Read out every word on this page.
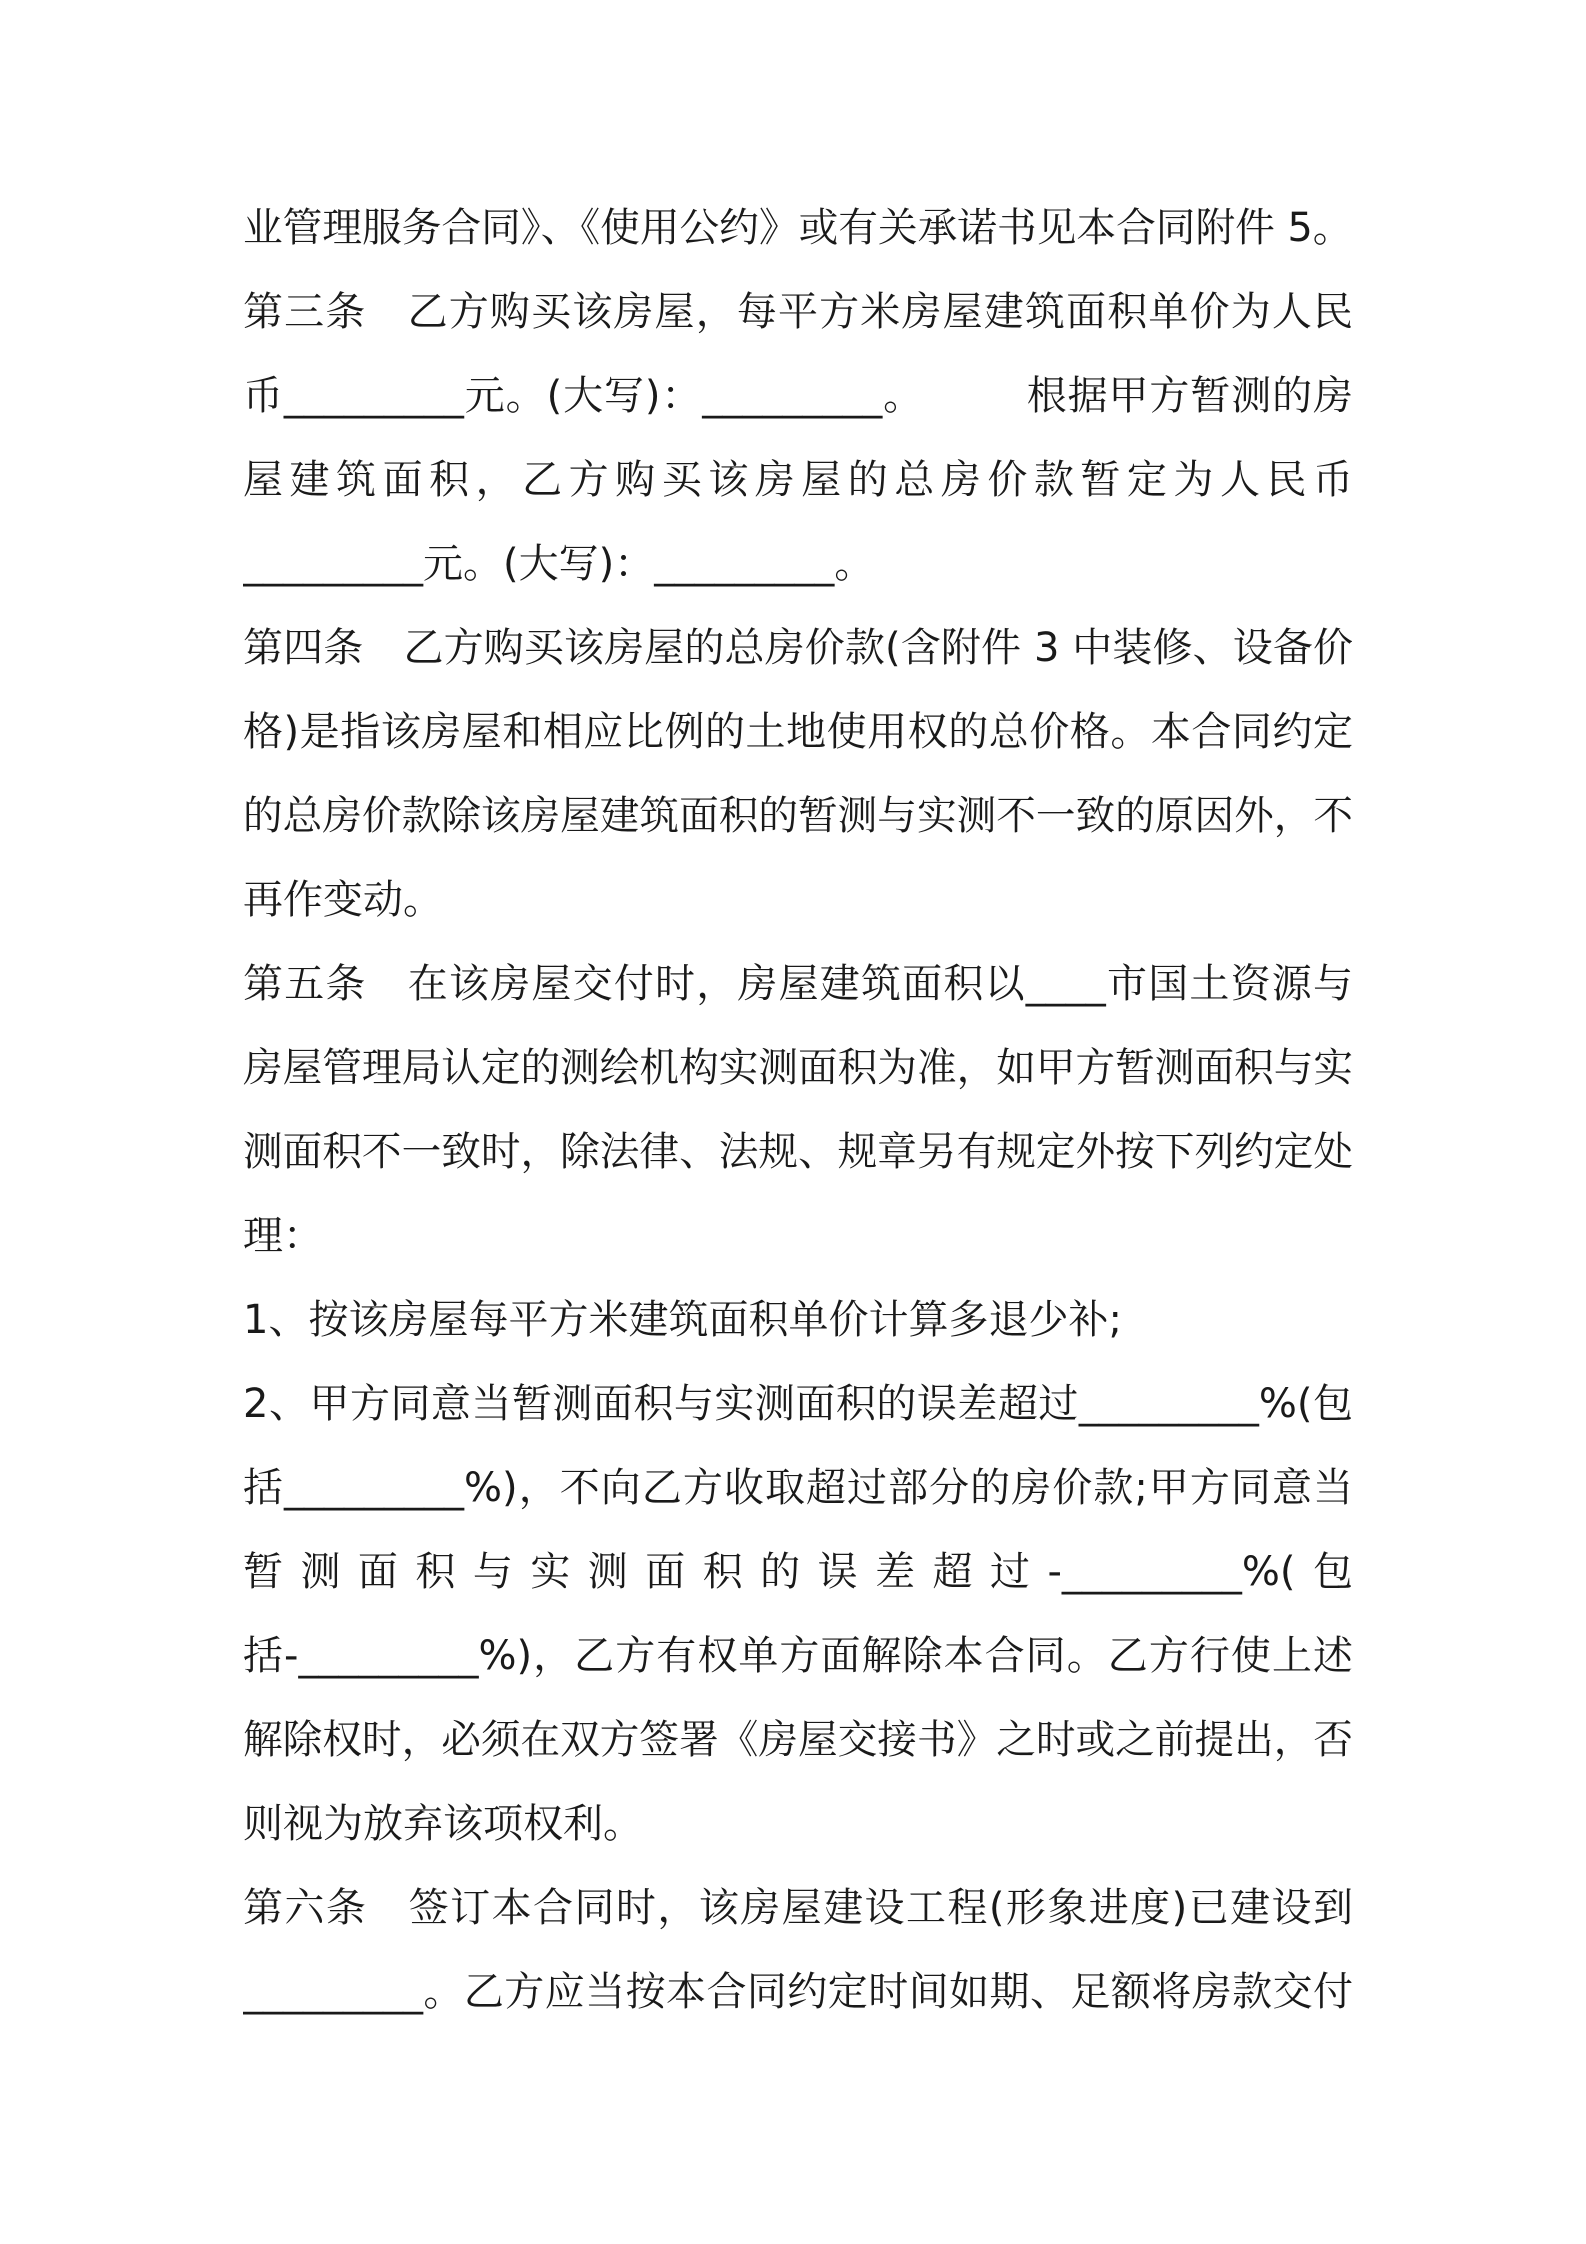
业管理服务合同》、《使用公约》或有关承诺书见本合同附件 5。
第三条　乙方购买该房屋，每平方米房屋建筑面积单价为人民
币_________元。(大写)：_________。　　　根据甲方暂测的房
屋建筑面积，乙方购买该房屋的总房价款暂定为人民币
_________元。(大写)：_________。
第四条　乙方购买该房屋的总房价款(含附件 3 中装修、设备价
格)是指该房屋和相应比例的土地使用权的总价格。本合同约定
的总房价款除该房屋建筑面积的暂测与实测不一致的原因外，不
再作变动。
第五条　在该房屋交付时，房屋建筑面积以____市国土资源与
房屋管理局认定的测绘机构实测面积为准，如甲方暂测面积与实
测面积不一致时，除法律、法规、规章另有规定外按下列约定处
理：
1、按该房屋每平方米建筑面积单价计算多退少补;
2、甲方同意当暂测面积与实测面积的误差超过_________%(包
括_________%)，不向乙方收取超过部分的房价款;甲方同意当
暂测面积与实测面积的误差超过-_________%(包
括-_________%)，乙方有权单方面解除本合同。乙方行使上述
解除权时，必须在双方签署《房屋交接书》之时或之前提出，否
则视为放弃该项权利。
第六条　签订本合同时，该房屋建设工程(形象进度)已建设到
_________。乙方应当按本合同约定时间如期、足额将房款交付
